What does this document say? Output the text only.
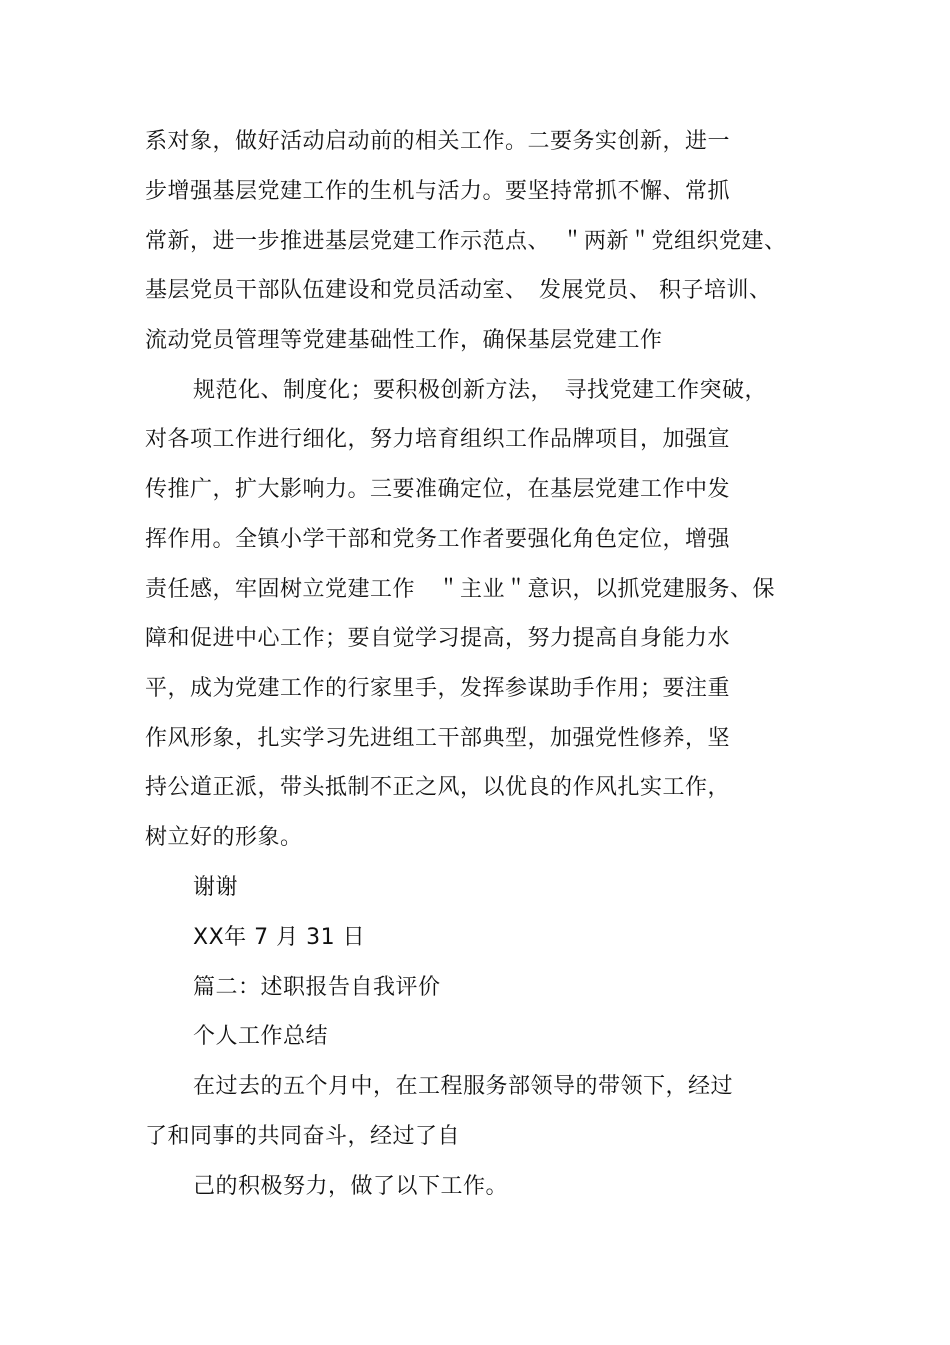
系对象，做好活动启动前的相关工作。二要务实创新，进一
步增强基层党建工作的生机与活力。要坚持常抓不懈、常抓
常新，进一步推进基层党建工作示范点、　＂两新＂党组织党建、
基层党员干部队伍建设和党员活动室、　发展党员、 积子培训、
流动党员管理等党建基础性工作，确保基层党建工作
规范化、制度化；要积极创新方法，　寻找党建工作突破，
对各项工作进行细化，努力培育组织工作品牌项目，加强宣
传推广，扩大影响力。三要准确定位，在基层党建工作中发
挥作用。全镇小学干部和党务工作者要强化角色定位，增强
责任感，牢固树立党建工作　＂主业＂意识，以抓党建服务、保
障和促进中心工作；要自觉学习提高，努力提高自身能力水
平，成为党建工作的行家里手，发挥参谋助手作用；要注重
作风形象，扎实学习先进组工干部典型，加强党性修养，坚
持公道正派，带头抵制不正之风，以优良的作风扎实工作，
树立好的形象。
谢谢
XX年 7 月 31 日
篇二：述职报告自我评价
个人工作总结
在过去的五个月中，在工程服务部领导的带领下，经过
了和同事的共同奋斗，经过了自
己的积极努力，做了以下工作。
